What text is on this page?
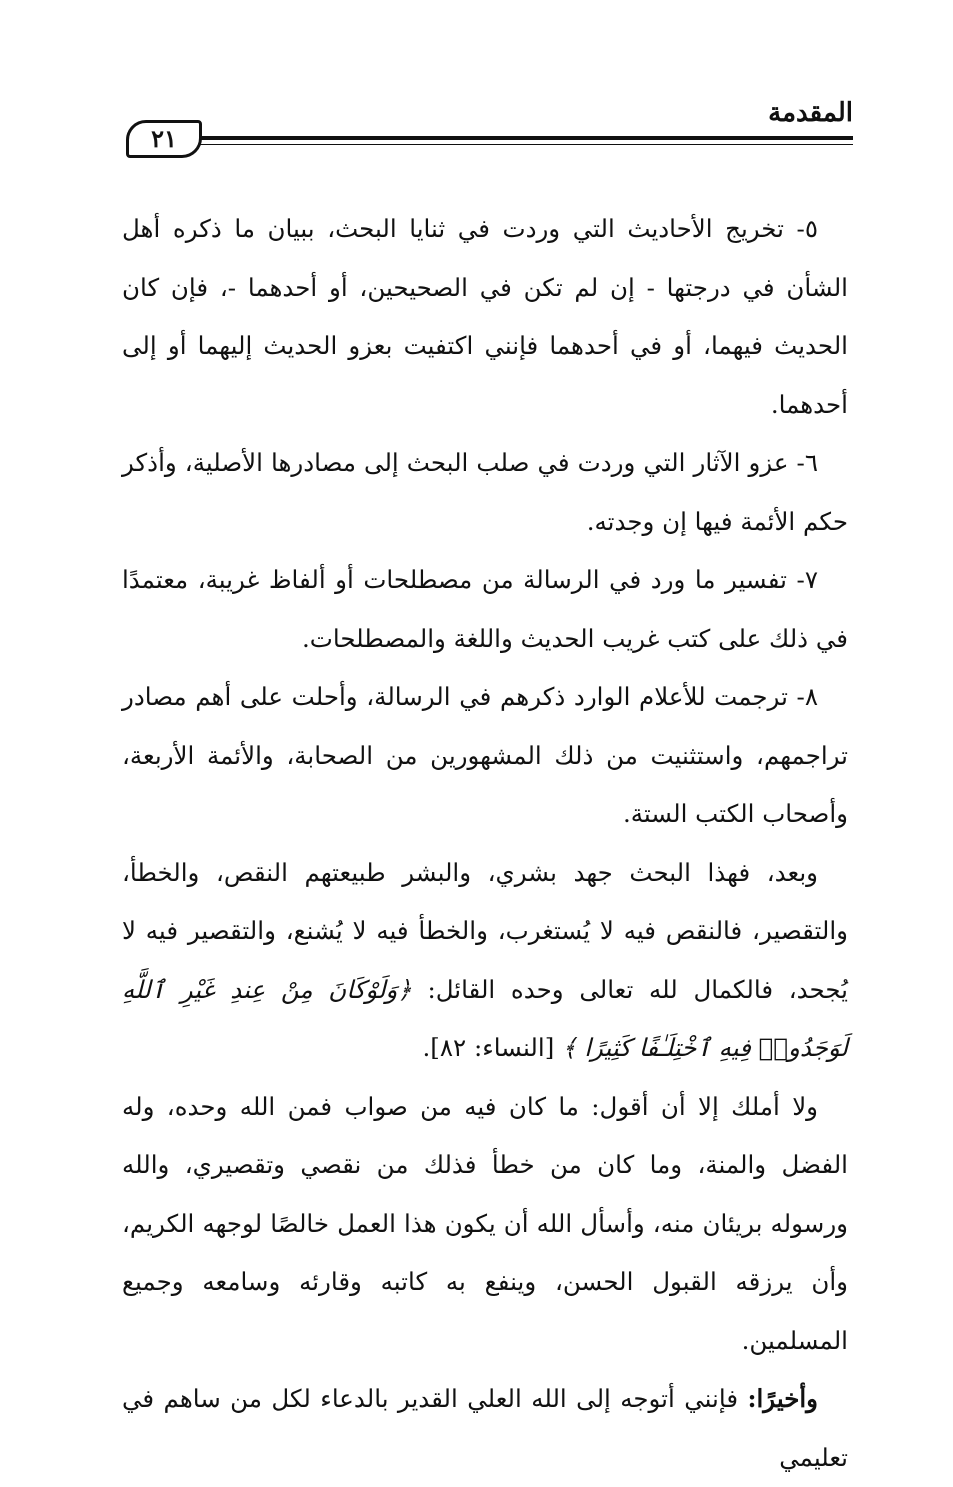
المقدمة
٢١

٥- تخريج الأحاديث التي وردت في ثنايا البحث، ببيان ما ذكره أهل الشأن في درجتها - إن لم تكن في الصحيحين، أو أحدهما -، فإن كان الحديث فيهما، أو في أحدهما فإنني اكتفيت بعزو الحديث إليهما أو إلى أحدهما.

٦- عزو الآثار التي وردت في صلب البحث إلى مصادرها الأصلية، وأذكر حكم الأئمة فيها إن وجدته.

٧- تفسير ما ورد في الرسالة من مصطلحات أو ألفاظ غريبة، معتمدًا في ذلك على كتب غريب الحديث واللغة والمصطلحات.

٨- ترجمت للأعلام الوارد ذكرهم في الرسالة، وأحلت على أهم مصادر تراجمهم، واستثنيت من ذلك المشهورين من الصحابة، والأئمة الأربعة، وأصحاب الكتب الستة.

وبعد، فهذا البحث جهد بشري، والبشر طبيعتهم النقص، والخطأ، والتقصير، فالنقص فيه لا يُستغرب، والخطأ فيه لا يُشنع، والتقصير فيه لا يُجحد، فالكمال لله تعالى وحده القائل: ﴿وَلَوْكَانَ مِنْ عِندِ غَيْرِ ٱللَّهِ لَوَجَدُوا۟ فِيهِ ٱخْتِلَـٰفًا كَثِيرًا ﴾ [النساء: ٨٢].

ولا أملك إلا أن أقول: ما كان فيه من صواب فمن الله وحده، وله الفضل والمنة، وما كان من خطأ فذلك من نقصي وتقصيري، والله ورسوله بريئان منه، وأسأل الله أن يكون هذا العمل خالصًا لوجهه الكريم، وأن يرزقه القبول الحسن، وينفع به كاتبه وقارئه وسامعه وجميع المسلمين.

وأخيرًا: فإنني أتوجه إلى الله العلي القدير بالدعاء لكل من ساهم في تعليمي
